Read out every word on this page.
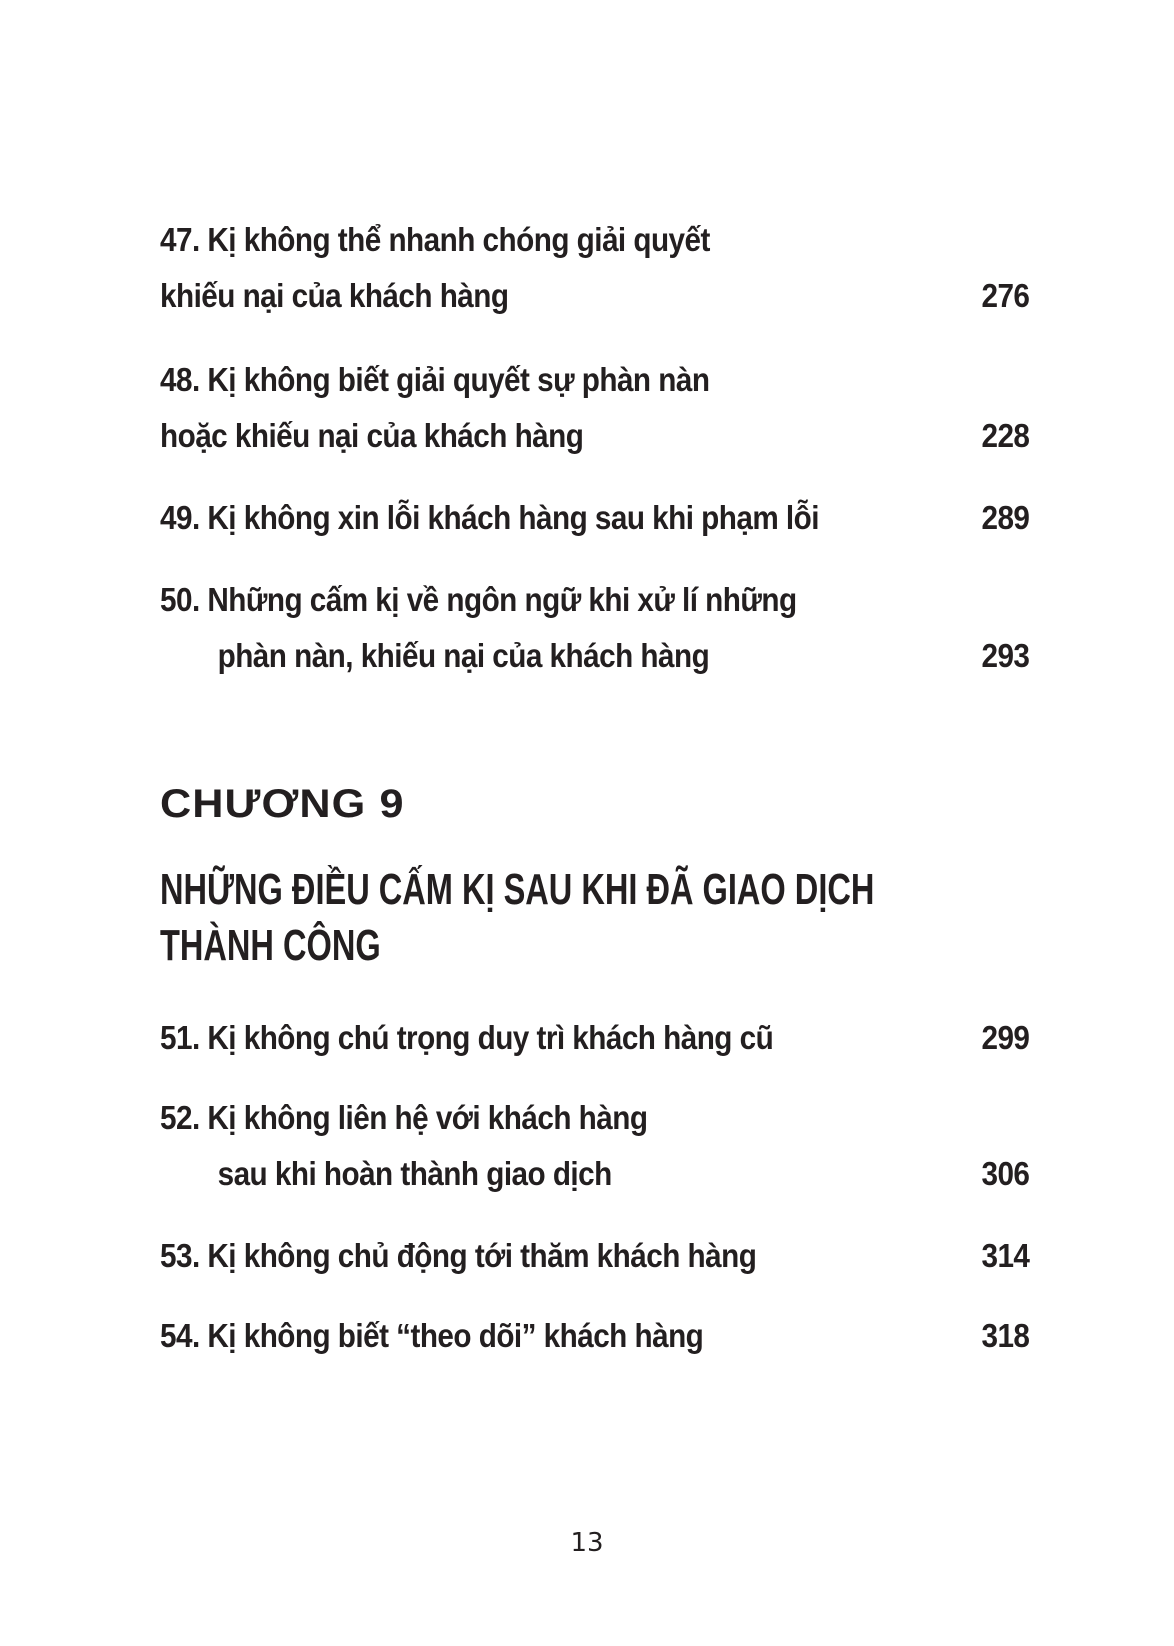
47. Kị không thể nhanh chóng giải quyết
khiếu nại của khách hàng	276
48. Kị không biết giải quyết sự phàn nàn
hoặc khiếu nại của khách hàng	228
49. Kị không xin lỗi khách hàng sau khi phạm lỗi	289
50. Những cấm kị về ngôn ngữ khi xử lí những
phàn nàn, khiếu nại của khách hàng	293
CHƯƠNG 9
NHỮNG ĐIỀU CẤM KỊ SAU KHI ĐÃ GIAO DỊCH
THÀNH CÔNG
51. Kị không chú trọng duy trì khách hàng cũ	299
52. Kị không liên hệ với khách hàng
sau khi hoàn thành giao dịch	306
53. Kị không chủ động tới thăm khách hàng	314
54. Kị không biết “theo dõi” khách hàng	318
13
